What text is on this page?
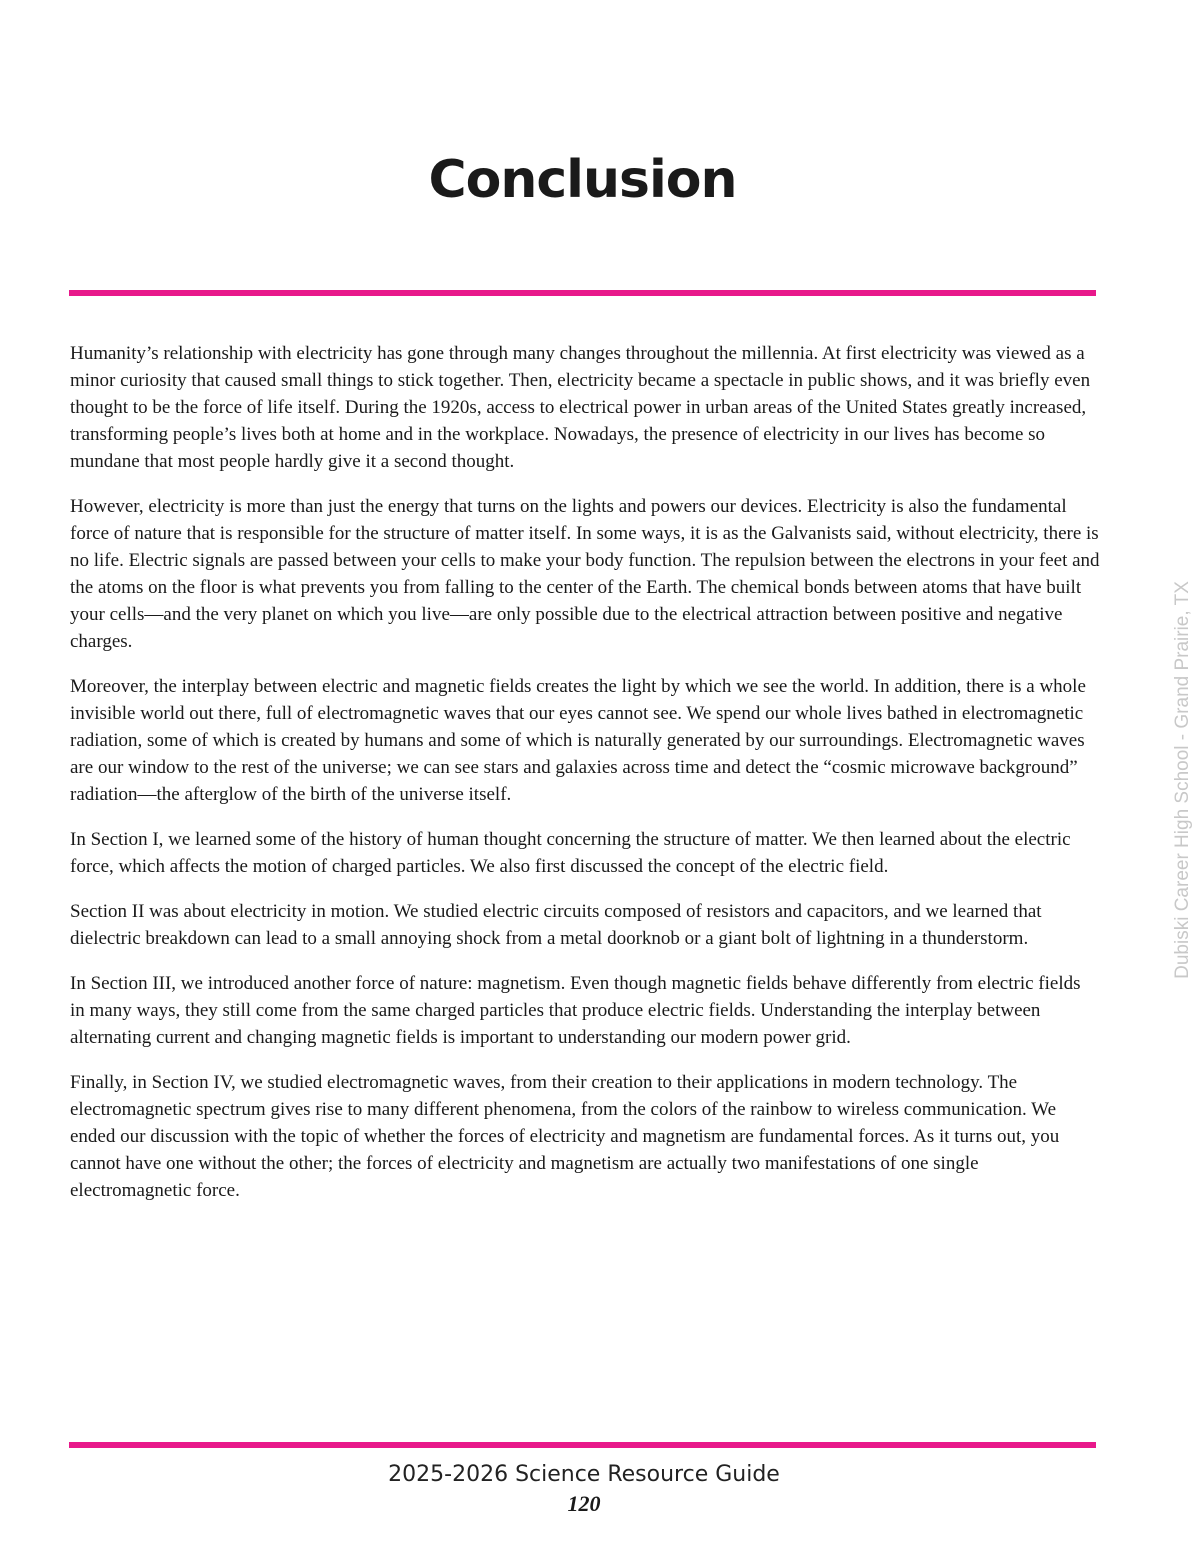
Conclusion

Humanity’s relationship with electricity has gone through many changes throughout the millennia. At first electricity was viewed as a minor curiosity that caused small things to stick together. Then, electricity became a spectacle in public shows, and it was briefly even thought to be the force of life itself. During the 1920s, access to electrical power in urban areas of the United States greatly increased, transforming people’s lives both at home and in the workplace. Nowadays, the presence of electricity in our lives has become so mundane that most people hardly give it a second thought.

However, electricity is more than just the energy that turns on the lights and powers our devices. Electricity is also the fundamental force of nature that is responsible for the structure of matter itself. In some ways, it is as the Galvanists said, without electricity, there is no life. Electric signals are passed between your cells to make your body function. The repulsion between the electrons in your feet and the atoms on the floor is what prevents you from falling to the center of the Earth. The chemical bonds between atoms that have built your cells—and the very planet on which you live—are only possible due to the electrical attraction between positive and negative charges.

Moreover, the interplay between electric and magnetic fields creates the light by which we see the world. In addition, there is a whole invisible world out there, full of electromagnetic waves that our eyes cannot see. We spend our whole lives bathed in electromagnetic radiation, some of which is created by humans and some of which is naturally generated by our surroundings. Electromagnetic waves are our window to the rest of the universe; we can see stars and galaxies across time and detect the “cosmic microwave background” radiation—the afterglow of the birth of the universe itself.

In Section I, we learned some of the history of human thought concerning the structure of matter. We then learned about the electric force, which affects the motion of charged particles. We also first discussed the concept of the electric field.

Section II was about electricity in motion. We studied electric circuits composed of resistors and capacitors, and we learned that dielectric breakdown can lead to a small annoying shock from a metal doorknob or a giant bolt of lightning in a thunderstorm.

In Section III, we introduced another force of nature: magnetism. Even though magnetic fields behave differently from electric fields in many ways, they still come from the same charged particles that produce electric fields. Understanding the interplay between alternating current and changing magnetic fields is important to understanding our modern power grid.

Finally, in Section IV, we studied electromagnetic waves, from their creation to their applications in modern technology. The electromagnetic spectrum gives rise to many different phenomena, from the colors of the rainbow to wireless communication. We ended our discussion with the topic of whether the forces of electricity and magnetism are fundamental forces. As it turns out, you cannot have one without the other; the forces of electricity and magnetism are actually two manifestations of one single electromagnetic force.

Dubiski Career High School - Grand Prairie, TX
2025-2026 Science Resource Guide
120
